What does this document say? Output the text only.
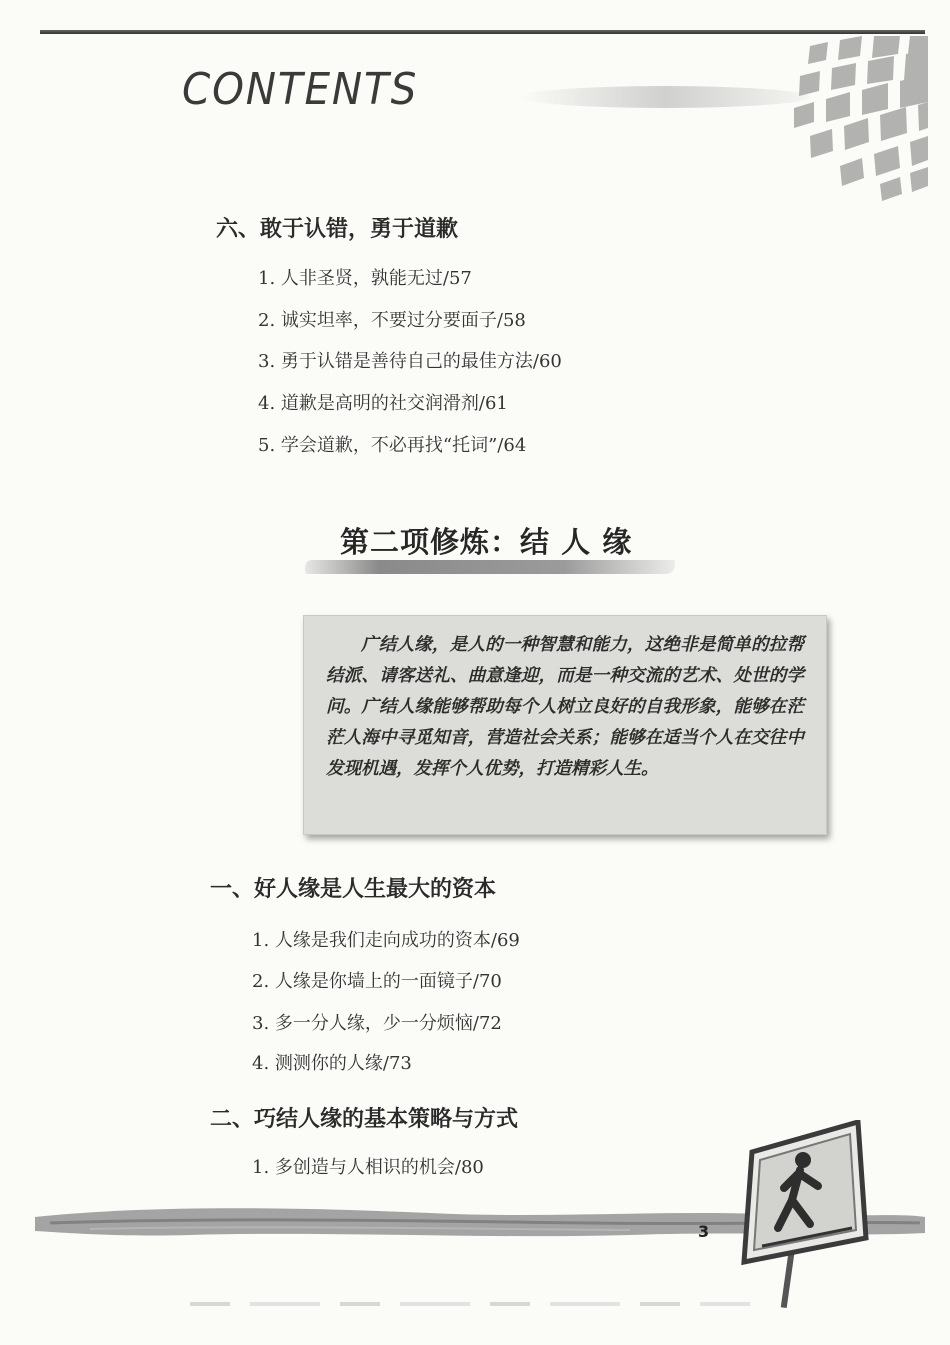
CONTENTS
六、敢于认错，勇于道歉
1. 人非圣贤，孰能无过/57
2. 诚实坦率，不要过分要面子/58
3. 勇于认错是善待自己的最佳方法/60
4. 道歉是高明的社交润滑剂/61
5. 学会道歉，不必再找“托词”/64
第二项修炼：结 人 缘
广结人缘，是人的一种智慧和能力，这绝非是简单的拉帮结派、请客送礼、曲意逢迎，而是一种交流的艺术、处世的学问。广结人缘能够帮助每个人树立良好的自我形象，能够在茫茫人海中寻觅知音，营造社会关系；能够在适当个人在交往中发现机遇，发挥个人优势，打造精彩人生。
一、好人缘是人生最大的资本
1. 人缘是我们走向成功的资本/69
2. 人缘是你墙上的一面镜子/70
3. 多一分人缘，少一分烦恼/72
4. 测测你的人缘/73
二、巧结人缘的基本策略与方式
1. 多创造与人相识的机会/80
3
